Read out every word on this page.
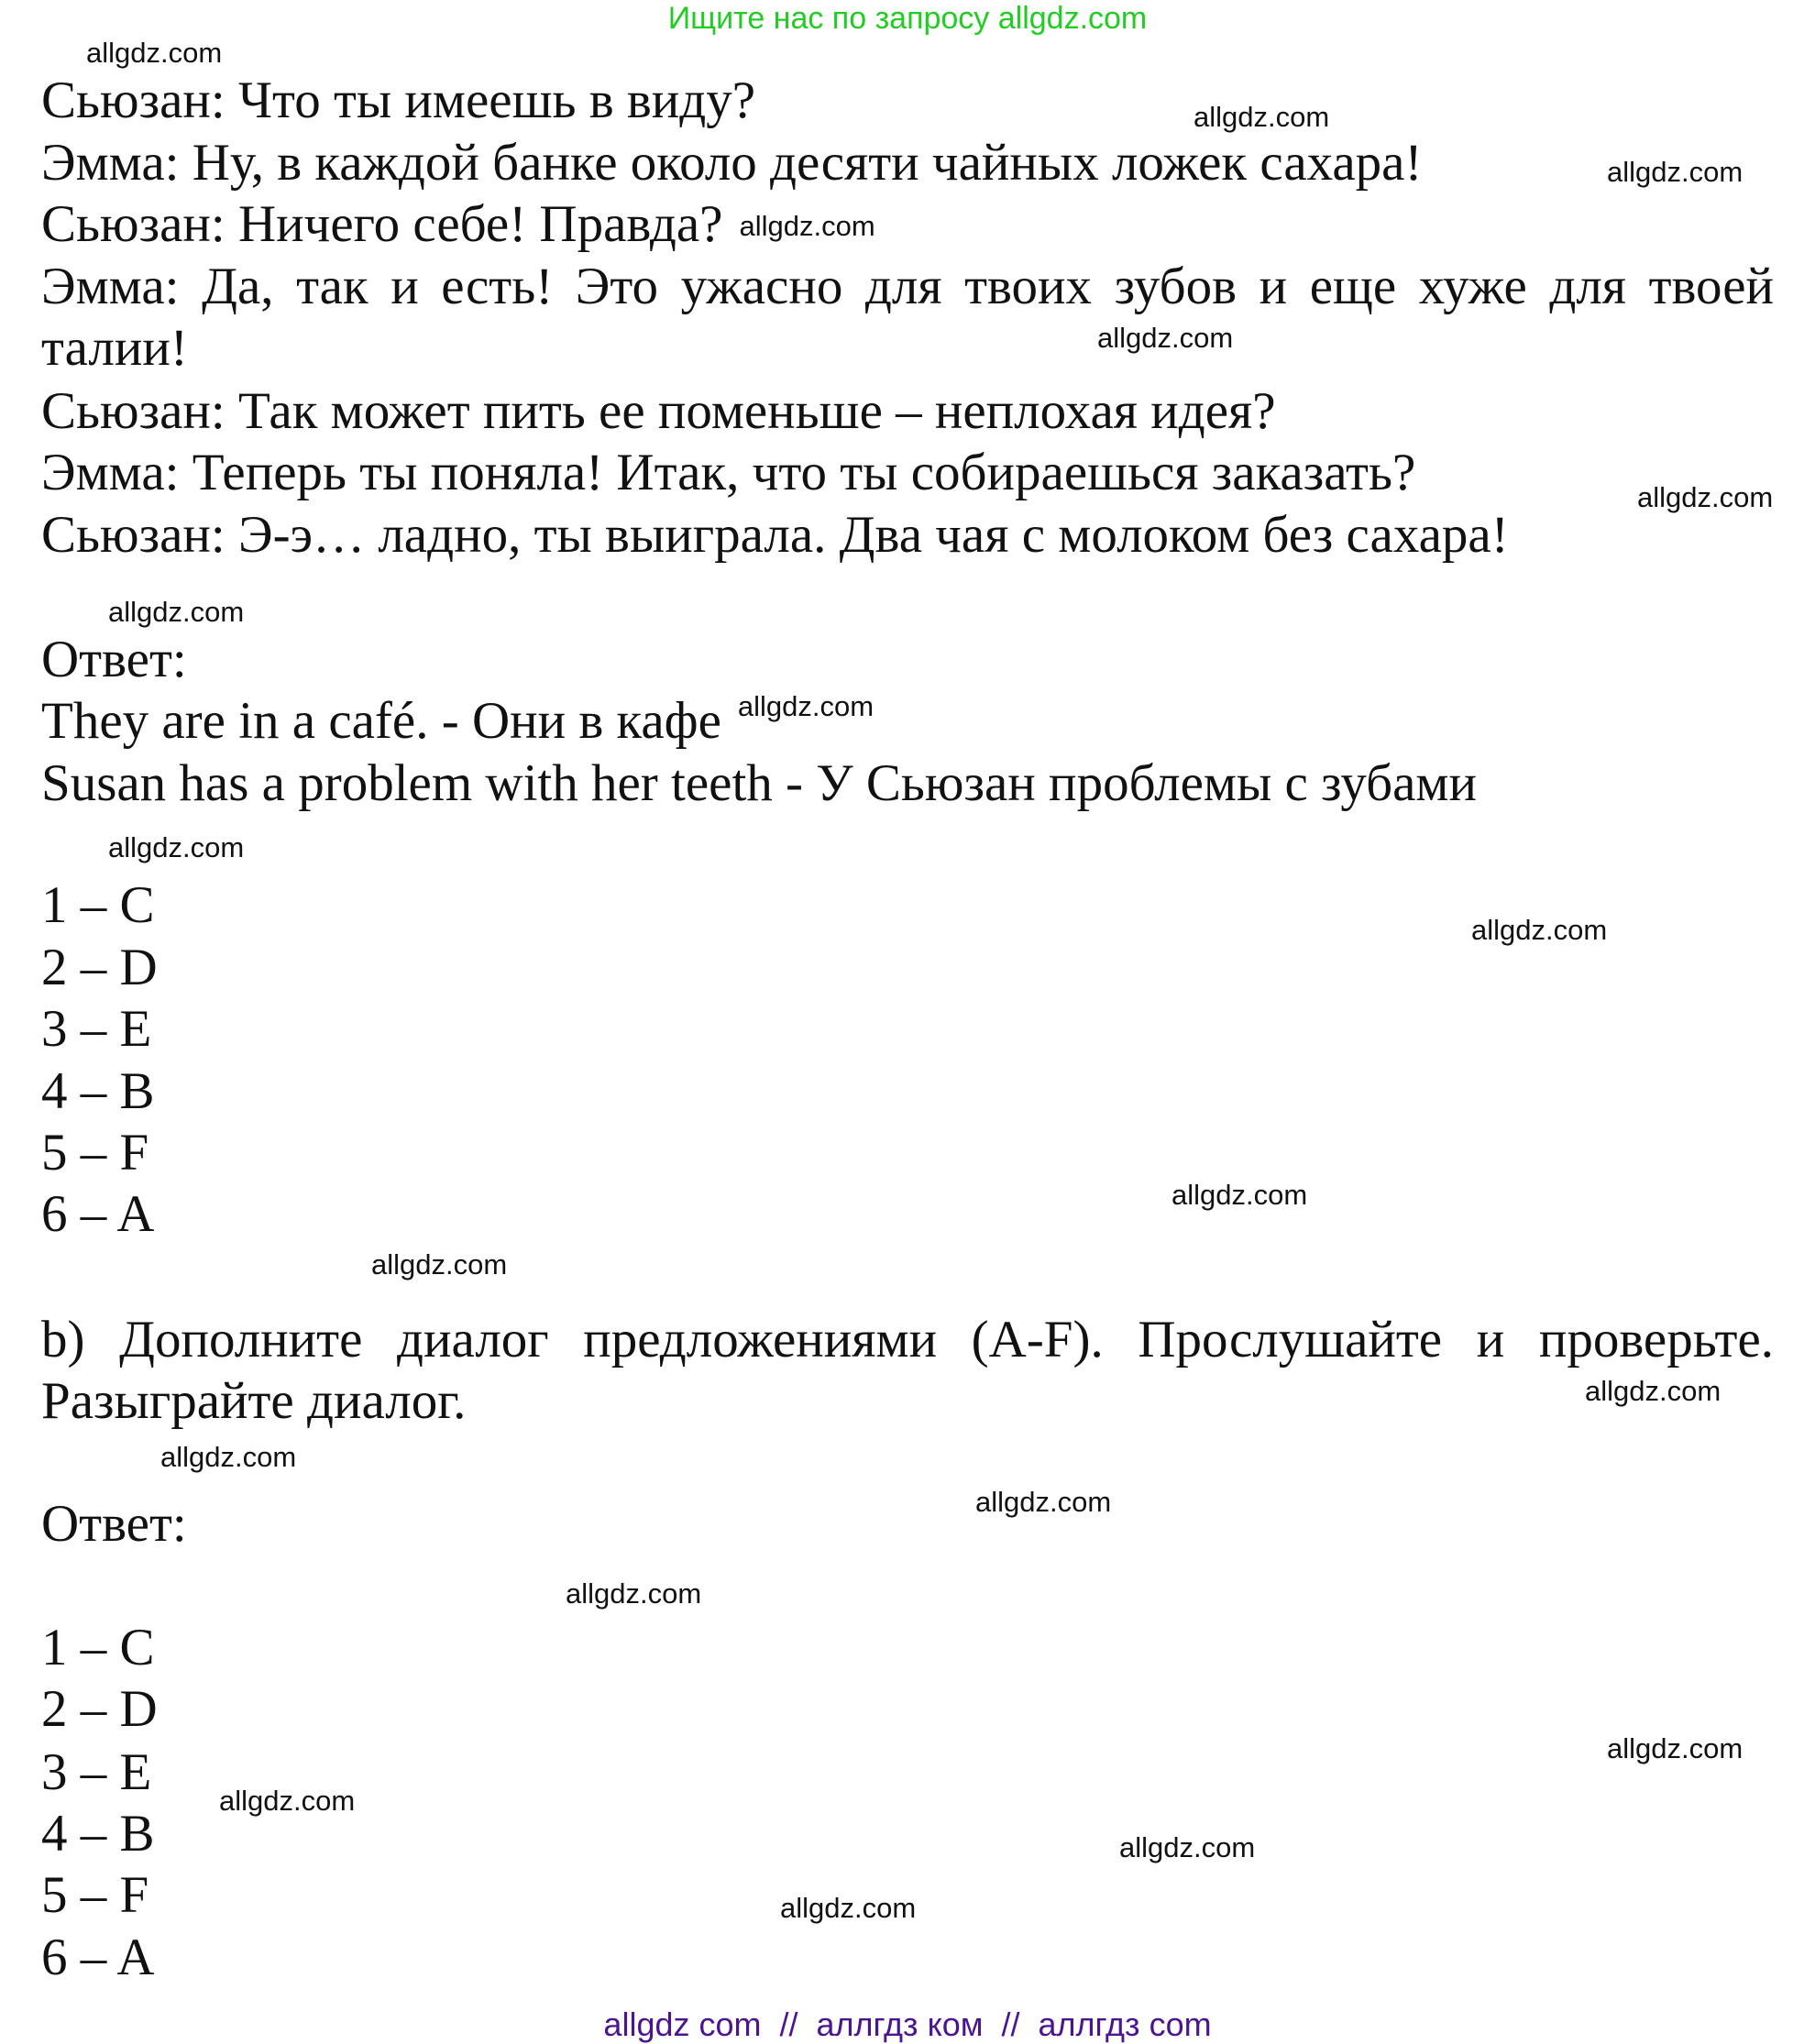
Ищите нас по запросу allgdz.com
Сьюзан: Что ты имеешь в виду?
Эмма: Ну, в каждой банке около десяти чайных ложек сахара!
Сьюзан: Ничего себе! Правда? allgdz.com
Эмма: Да, так и есть! Это ужасно для твоих зубов и еще хуже для твоей
талии!
Сьюзан: Так может пить ее поменьше – неплохая идея?
Эмма: Теперь ты поняла! Итак, что ты собираешься заказать?
Сьюзан: Э-э… ладно, ты выиграла. Два чая с молоком без сахара!
Ответ:
They are in a café. - Они в кафе allgdz.com
Susan has a problem with her teeth - У Сьюзан проблемы с зубами
1 – C
2 – D
3 – E
4 – B
5 – F
6 – A
b) Дополните диалог предложениями (A-F). Прослушайте и проверьте.
Разыграйте диалог.
Ответ:
1 – C
2 – D
3 – E
4 – B
5 – F
6 – A
allgdz.com
allgdz.com
allgdz.com
allgdz.com
allgdz.com
allgdz.com
allgdz.com
allgdz.com
allgdz.com
allgdz.com
allgdz.com
allgdz.com
allgdz.com
allgdz.com
allgdz.com
allgdz.com
allgdz.com
allgdz.com
allgdz com  //  аллгдз ком  //  аллгдз com
